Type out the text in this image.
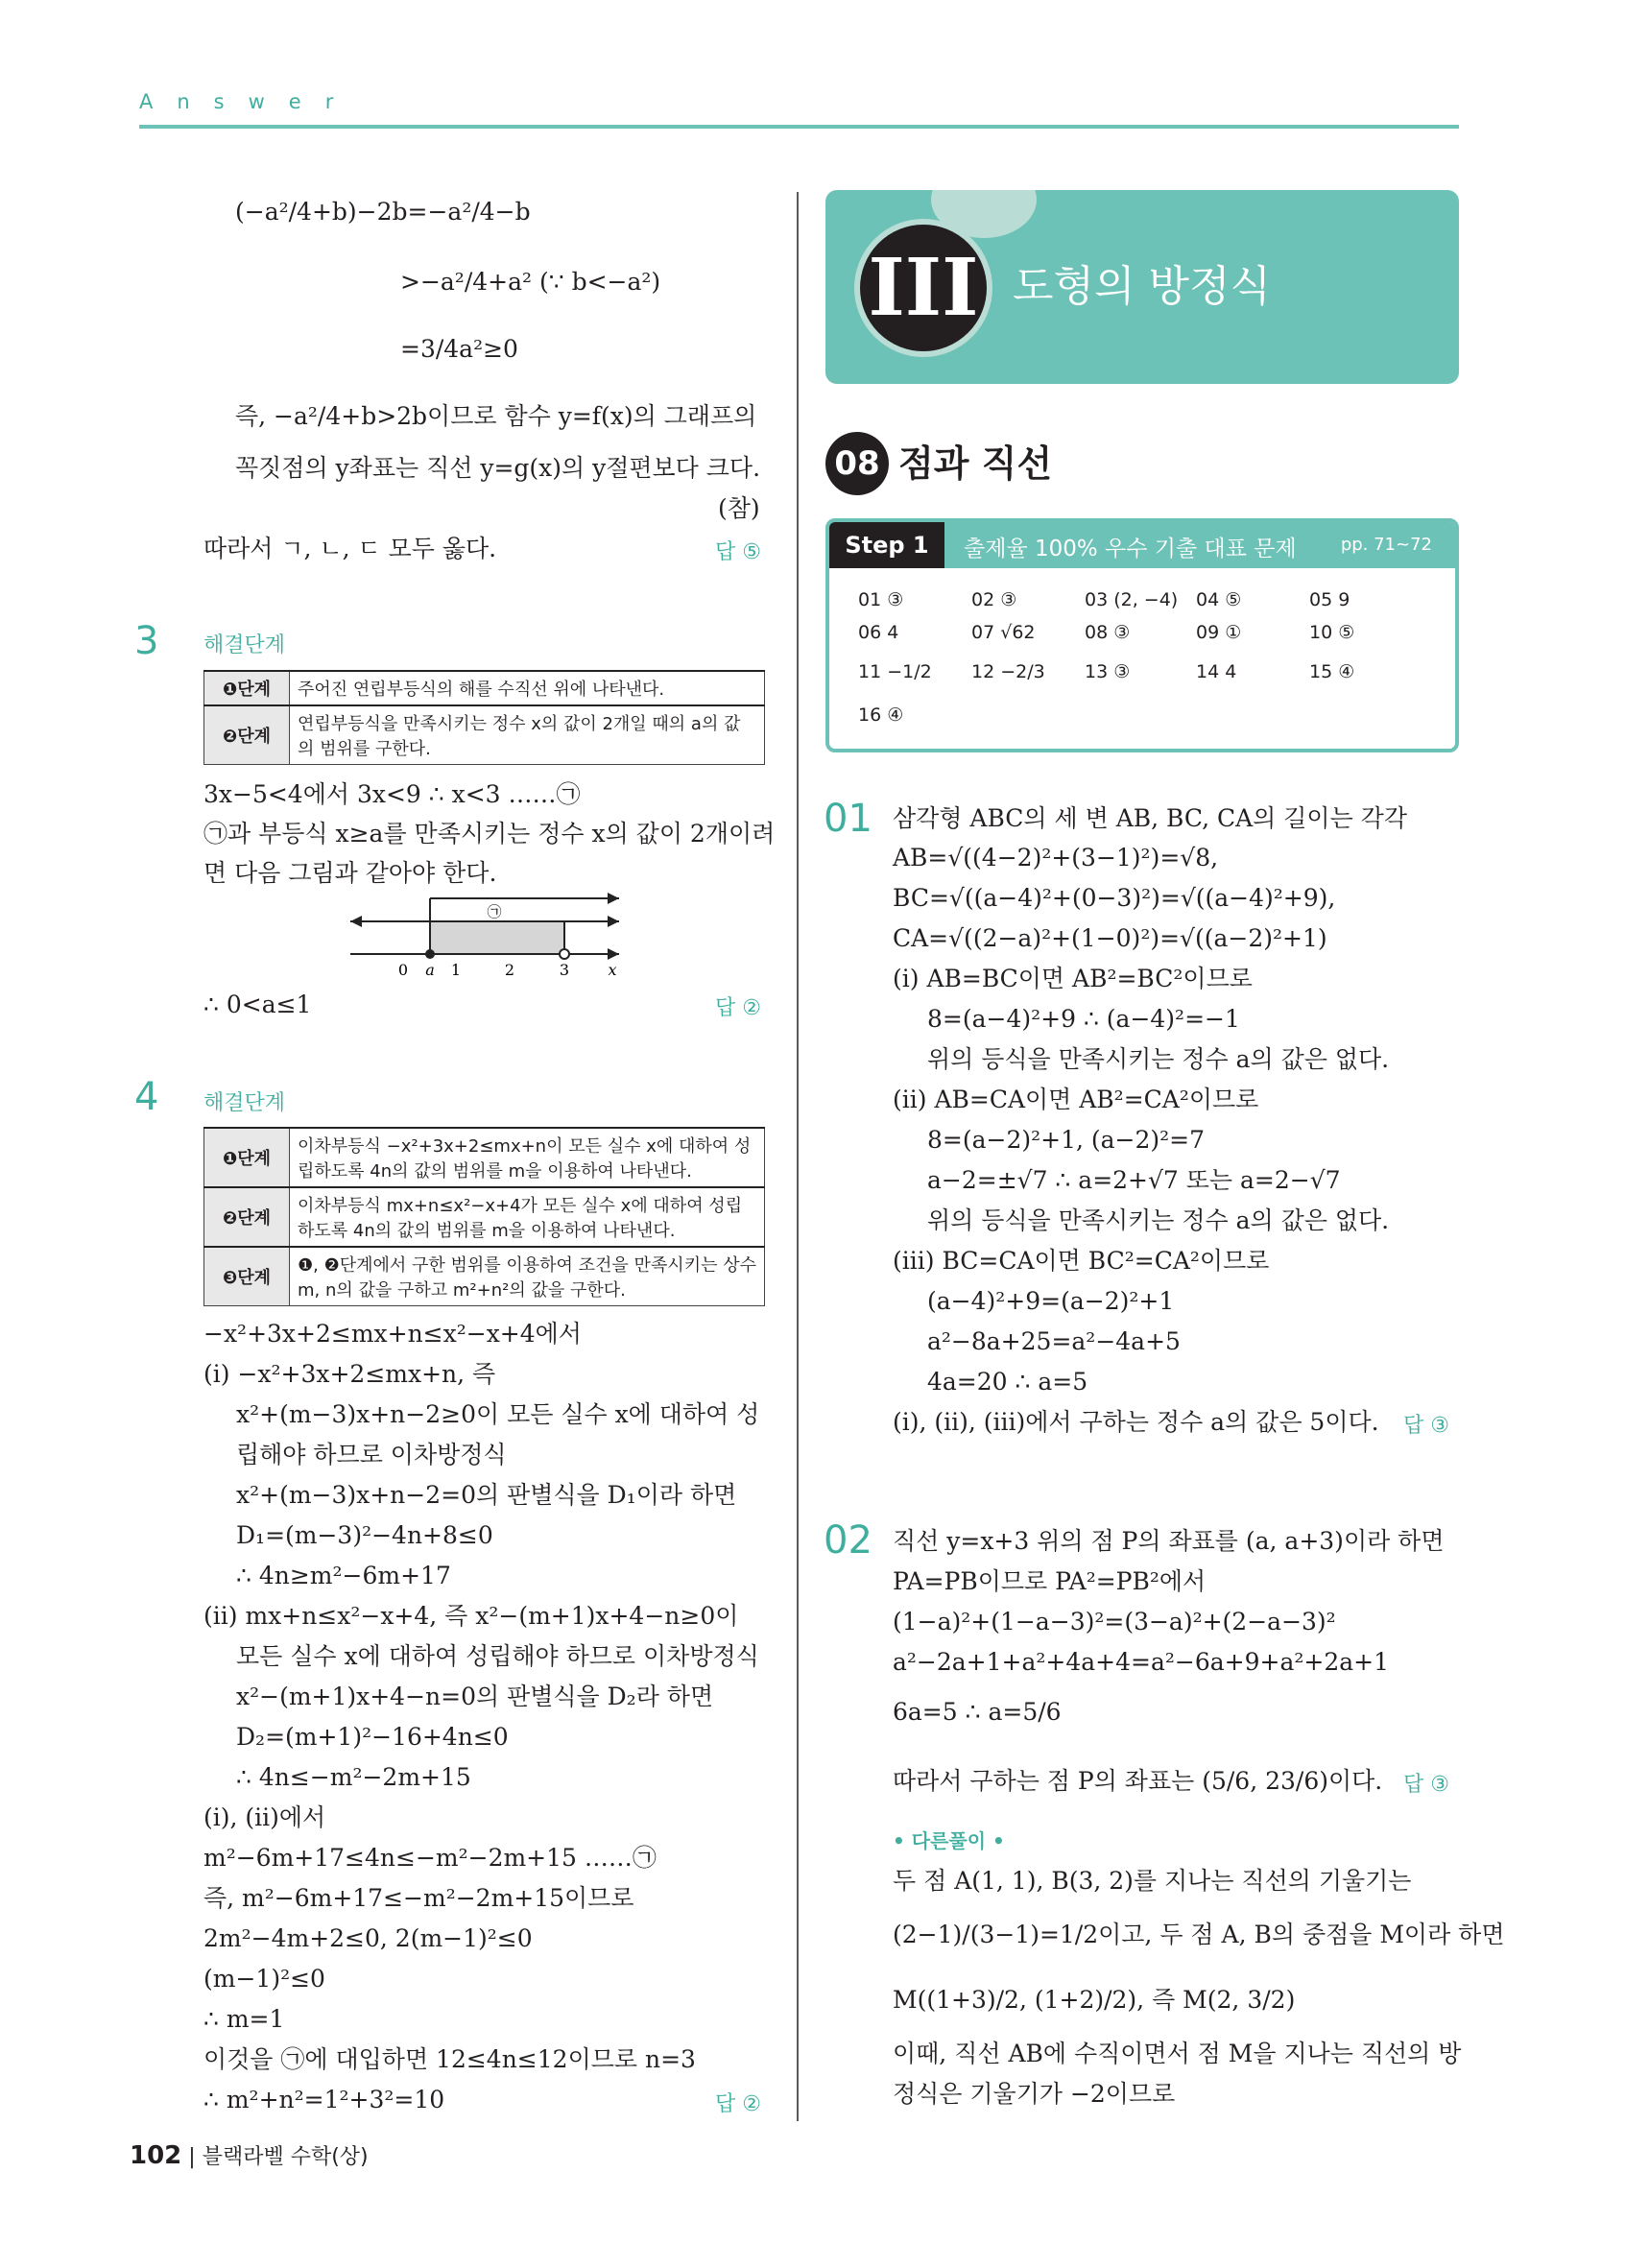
Answer
(−a²/4+b)−2b=−a²/4−b
>−a²/4+a² (∵ b<−a²)
=3/4a²≥0
즉, −a²/4+b>2b이므로 함수 y=f(x)의 그래프의
꼭짓점의 y좌표는 직선 y=g(x)의 y절편보다 크다.
(참)
따라서 ㄱ, ㄴ, ㄷ 모두 옳다.	답 ⑤
3 해결단계
❶단계	주어진 연립부등식의 해를 수직선 위에 나타낸다.
❷단계	연립부등식을 만족시키는 정수 x의 값이 2개일 때의 a의 값의 범위를 구한다.
3x−5<4에서 3x<9 ∴ x<3 ……㉠
㉠과 부등식 x≥a를 만족시키는 정수 x의 값이 2개이려
면 다음 그림과 같아야 한다.
㉠
0 a 1	2	3	x
∴ 0<a≤1	답 ②
4 해결단계
❶단계	이차부등식 −x²+3x+2≤mx+n이 모든 실수 x에 대하여 성립하도록 4n의 값의 범위를 m을 이용하여 나타낸다.
❷단계	이차부등식 mx+n≤x²−x+4가 모든 실수 x에 대하여 성립하도록 4n의 값의 범위를 m을 이용하여 나타낸다.
❸단계	❶, ❷단계에서 구한 범위를 이용하여 조건을 만족시키는 상수 m, n의 값을 구하고 m²+n²의 값을 구한다.
−x²+3x+2≤mx+n≤x²−x+4에서
(i) −x²+3x+2≤mx+n, 즉
x²+(m−3)x+n−2≥0이 모든 실수 x에 대하여 성
립해야 하므로 이차방정식
x²+(m−3)x+n−2=0의 판별식을 D₁이라 하면
D₁=(m−3)²−4n+8≤0
∴ 4n≥m²−6m+17
(ii) mx+n≤x²−x+4, 즉 x²−(m+1)x+4−n≥0이
모든 실수 x에 대하여 성립해야 하므로 이차방정식
x²−(m+1)x+4−n=0의 판별식을 D₂라 하면
D₂=(m+1)²−16+4n≤0
∴ 4n≤−m²−2m+15
(i), (ii)에서
m²−6m+17≤4n≤−m²−2m+15 ……㉠
즉, m²−6m+17≤−m²−2m+15이므로
2m²−4m+2≤0, 2(m−1)²≤0
(m−1)²≤0
∴ m=1
이것을 ㉠에 대입하면 12≤4n≤12이므로 n=3
∴ m²+n²=1²+3²=10	답 ②
III 도형의 방정식
08 점과 직선
Step 1	출제율 100% 우수 기출 대표 문제	pp. 71~72
01 ③	02 ③	03 (2, −4) 04 ⑤	05 9
06 4	07 √62	08 ③	09 ①	10 ⑤
11 −1/2 12 −2/3 13 ③	14 4	15 ④
16 ④
01 삼각형 ABC의 세 변 AB, BC, CA의 길이는 각각
AB=√((4−2)²+(3−1)²)=√8,
BC=√((a−4)²+(0−3)²)=√((a−4)²+9),
CA=√((2−a)²+(1−0)²)=√((a−2)²+1)
(i) AB=BC이면 AB²=BC²이므로
8=(a−4)²+9 ∴ (a−4)²=−1
위의 등식을 만족시키는 정수 a의 값은 없다.
(ii) AB=CA이면 AB²=CA²이므로
8=(a−2)²+1, (a−2)²=7
a−2=±√7 ∴ a=2+√7 또는 a=2−√7
위의 등식을 만족시키는 정수 a의 값은 없다.
(iii) BC=CA이면 BC²=CA²이므로
(a−4)²+9=(a−2)²+1
a²−8a+25=a²−4a+5
4a=20 ∴ a=5
(i), (ii), (iii)에서 구하는 정수 a의 값은 5이다. 답 ③
02 직선 y=x+3 위의 점 P의 좌표를 (a, a+3)이라 하면
PA=PB이므로 PA²=PB²에서
(1−a)²+(1−a−3)²=(3−a)²+(2−a−3)²
a²−2a+1+a²+4a+4=a²−6a+9+a²+2a+1
6a=5 ∴ a=5/6
따라서 구하는 점 P의 좌표는 (5/6, 23/6)이다. 답 ③
• 다른풀이 •
두 점 A(1, 1), B(3, 2)를 지나는 직선의 기울기는
(2−1)/(3−1)=1/2이고, 두 점 A, B의 중점을 M이라 하면
M((1+3)/2, (1+2)/2), 즉 M(2, 3/2)
이때, 직선 AB에 수직이면서 점 M을 지나는 직선의 방
정식은 기울기가 −2이므로
102 | 블랙라벨 수학(상)
